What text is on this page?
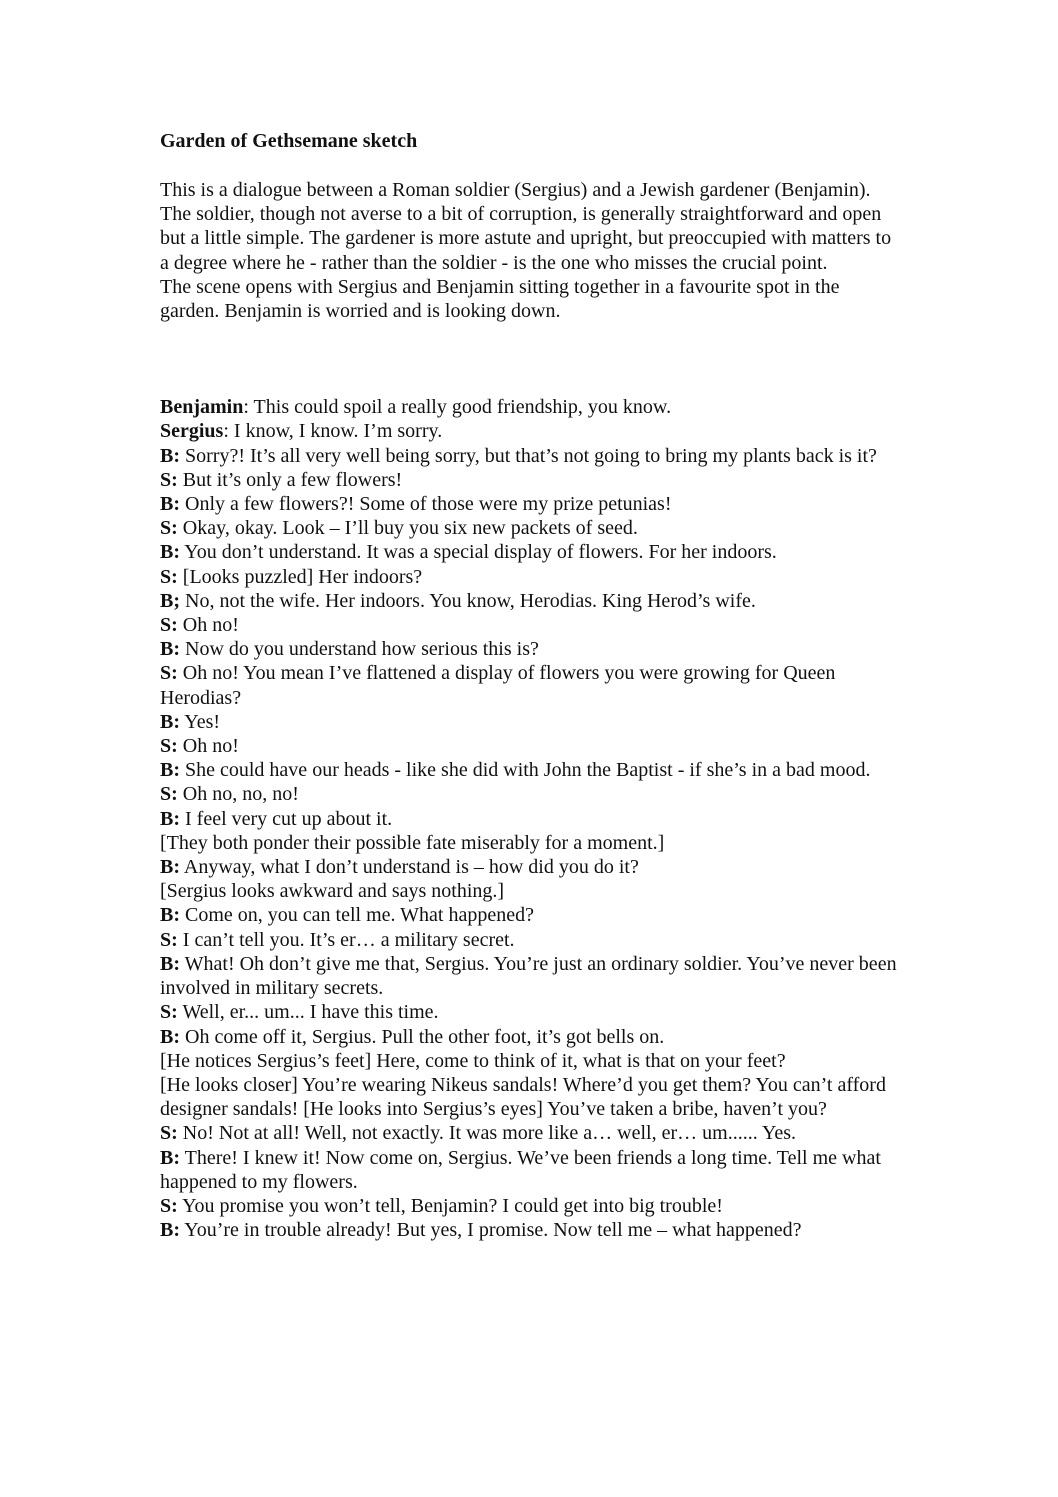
Garden of Gethsemane sketch

This is a dialogue between a Roman soldier (Sergius) and a Jewish gardener (Benjamin). The soldier, though not averse to a bit of corruption, is generally straightforward and open but a little simple. The gardener is more astute and upright, but preoccupied with matters to a degree where he - rather than the soldier - is the one who misses the crucial point.

The scene opens with Sergius and Benjamin sitting together in a favourite spot in the garden. Benjamin is worried and is looking down.

Benjamin: This could spoil a really good friendship, you know.

Sergius: I know, I know. I’m sorry.

B: Sorry?! It’s all very well being sorry, but that’s not going to bring my plants back is it?

S: But it’s only a few flowers!

B: Only a few flowers?! Some of those were my prize petunias!

S: Okay, okay. Look – I’ll buy you six new packets of seed.

B: You don’t understand. It was a special display of flowers. For her indoors.

S: [Looks puzzled] Her indoors?

B; No, not the wife. Her indoors. You know, Herodias. King Herod’s wife.

S: Oh no!

B: Now do you understand how serious this is?

S: Oh no! You mean I’ve flattened a display of flowers you were growing for Queen Herodias?

B: Yes!

S: Oh no!

B: She could have our heads - like she did with John the Baptist - if she’s in a bad mood.

S: Oh no, no, no!

B: I feel very cut up about it.

[They both ponder their possible fate miserably for a moment.]

B: Anyway, what I don’t understand is – how did you do it?

[Sergius looks awkward and says nothing.]

B: Come on, you can tell me. What happened?

S: I can’t tell you. It’s er… a military secret.

B: What! Oh don’t give me that, Sergius. You’re just an ordinary soldier. You’ve never been involved in military secrets.

S: Well, er... um... I have this time.

B: Oh come off it, Sergius. Pull the other foot, it’s got bells on.

[He notices Sergius’s feet] Here, come to think of it, what is that on your feet?

[He looks closer] You’re wearing Nikeus sandals! Where’d you get them? You can’t afford designer sandals! [He looks into Sergius’s eyes] You’ve taken a bribe, haven’t you?

S: No! Not at all! Well, not exactly. It was more like a… well, er… um...... Yes.

B: There! I knew it! Now come on, Sergius. We’ve been friends a long time. Tell me what happened to my flowers.

S: You promise you won’t tell, Benjamin? I could get into big trouble!

B: You’re in trouble already! But yes, I promise. Now tell me – what happened?
